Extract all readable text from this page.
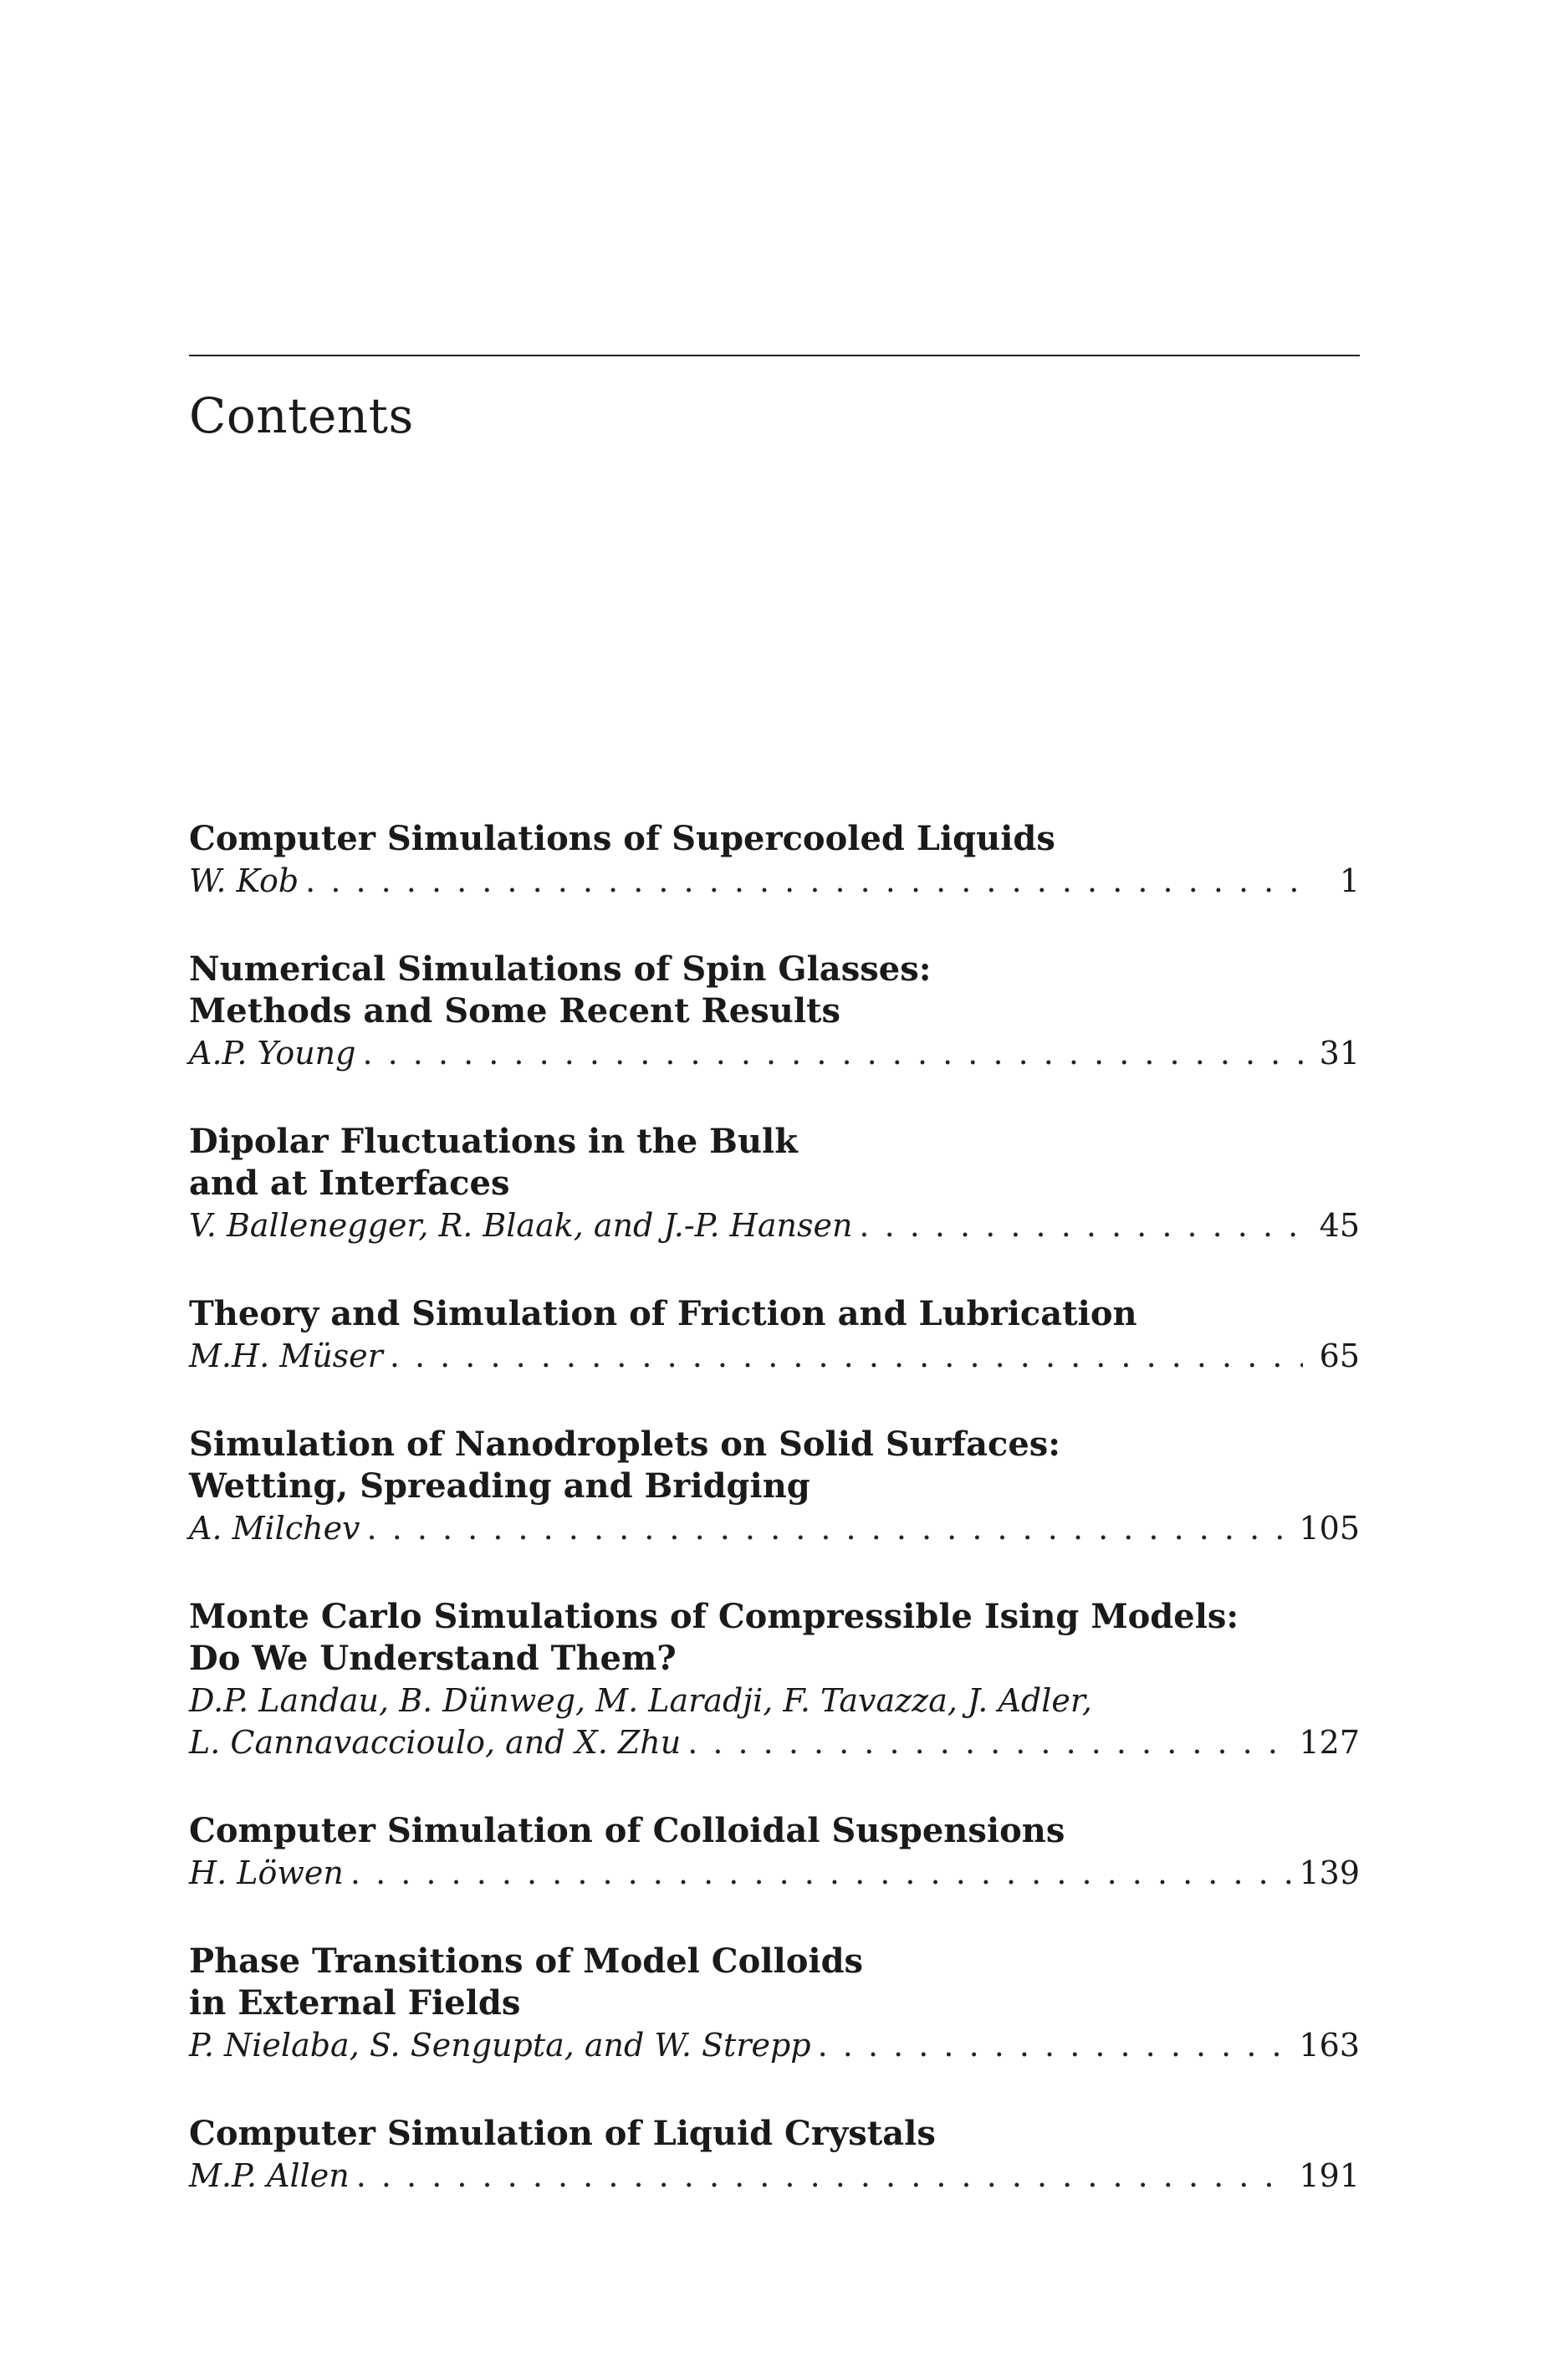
Contents
Computer Simulations of Supercooled Liquids
W. Kob . . .	1
Numerical Simulations of Spin Glasses:
Methods and Some Recent Results
A.P. Young . . .	31
Dipolar Fluctuations in the Bulk
and at Interfaces
V. Ballenegger, R. Blaak, and J.-P. Hansen . . .	45
Theory and Simulation of Friction and Lubrication
M.H. Müser . . .	65
Simulation of Nanodroplets on Solid Surfaces:
Wetting, Spreading and Bridging
A. Milchev . . .	105
Monte Carlo Simulations of Compressible Ising Models:
Do We Understand Them?
D.P. Landau, B. Dünweg, M. Laradji, F. Tavazza, J. Adler,
L. Cannavaccioulo, and X. Zhu . . .	127
Computer Simulation of Colloidal Suspensions
H. Löwen . . .	139
Phase Transitions of Model Colloids
in External Fields
P. Nielaba, S. Sengupta, and W. Strepp . . .	163
Computer Simulation of Liquid Crystals
M.P. Allen . . .	191
